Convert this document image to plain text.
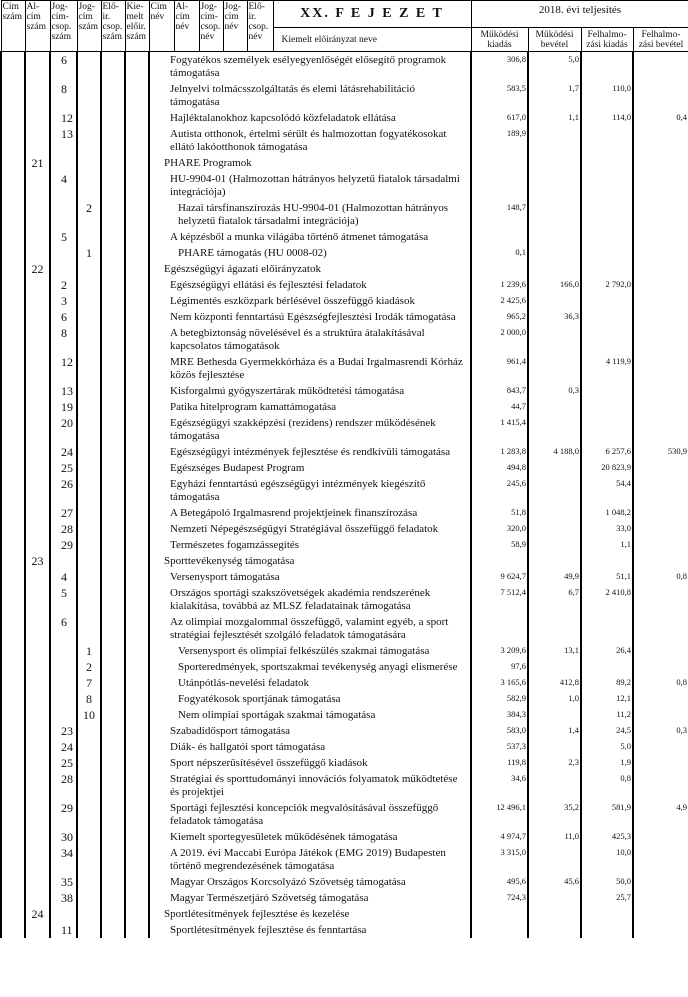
Cím szám	Al-cím szám	Jog-cím-csop. szám	Jog-cím szám	Elő-ir. csop. szám	Kie-melt előir. szám	Cím név	Al-cím név	Jog-cím-csop. név	Jog-cím név	Elő-ir. csop. név	XX. F E J E Z E T	2018. évi teljesítés			
											Kiemelt előirányzat neve	Működési kiadás	Működési bevétel	Felhalmo-zási kiadás	Felhalmo-zási bevétel
		6				Fogyatékos személyek esélyegyenlőségét elősegítő programok támogatása						306,8	5,0		
		8				Jelnyelvi tolmácsszolgáltatás és elemi látásrehabilitáció támogatása						583,5	1,7	110,0	
		12				Hajléktalanokhoz kapcsolódó közfeladatok ellátása						617,0	1,1	114,0	0,4
		13				Autista otthonok, értelmi sérült és halmozottan fogyatékosokat ellátó lakóotthonok támogatása						189,9			
	21					PHARE Programok									
		4				HU-9904-01 (Halmozottan hátrányos helyzetű fiatalok társadalmi integrációja)									
			2			Hazai társfinanszírozás HU-9904-01 (Halmozottan hátrányos helyzetű fiatalok társadalmi integrációja)						148,7			
		5				A képzésből a munka világába történő átmenet támogatása									
			1			PHARE támogatás (HU 0008-02)						0,1			
	22					Egészségügyi ágazati előirányzatok									
		2				Egészségügyi ellátási és fejlesztési feladatok						1 239,6	166,0	2 792,0	
		3				Légimentés eszközpark bérlésével összefüggő kiadások						2 425,6			
		6				Nem központi fenntartású Egészségfejlesztési Irodák támogatása						965,2	36,3		
		8				A betegbiztonság növelésével és a struktúra átalakításával kapcsolatos támogatások						2 000,0			
		12				MRE Bethesda Gyermekkórháza és a Budai Irgalmasrendi Kórház közös fejlesztése						961,4		4 119,9	
		13				Kisforgalmú gyógyszertárak működtetési támogatása						843,7	0,3		
		19				Patika hitelprogram kamattámogatása						44,7			
		20				Egészségügyi szakképzési (rezidens) rendszer működésének támogatása						1 415,4			
		24				Egészségügyi intézmények fejlesztése és rendkívüli támogatása						1 283,8	4 188,0	6 257,6	530,9
		25				Egészséges Budapest Program						494,8		20 823,9	
		26				Egyházi fenntartású egészségügyi intézmények kiegészítő támogatása						245,6		54,4	
		27				A Betegápoló Irgalmasrend projektjeinek finanszírozása						51,8		1 048,2	
		28				Nemzeti Népegészségügyi Stratégiával összefüggő feladatok						320,0		33,0	
		29				Természetes fogamzássegítés						58,9		1,1	
	23					Sporttevékenység támogatása									
		4				Versenysport támogatása						9 624,7	49,9	51,1	0,8
		5				Országos sportági szakszövetségek akadémia rendszerének kialakítása, továbbá az MLSZ feladatainak támogatása						7 512,4	6,7	2 410,8	
		6				Az olimpiai mozgalommal összefüggő, valamint egyéb, a sport stratégiai fejlesztését szolgáló feladatok támogatására									
			1			Versenysport és olimpiai felkészülés szakmai támogatása						3 209,6	13,1	26,4	
			2			Sporteredmények, sportszakmai tevékenység anyagi elismerése						97,6			
			7			Utánpótlás-nevelési feladatok						3 165,6	412,8	89,2	0,8
			8			Fogyatékosok sportjának támogatása						582,9	1,0	12,1	
			10			Nem olimpiai sportágak szakmai támogatása						384,3		11,2	
		23				Szabadidősport támogatása						583,0	1,4	24,5	0,3
		24				Diák- és hallgatói sport támogatása						537,3		5,0	
		25				Sport népszerűsítésével összefüggő kiadások						119,8	2,3	1,9	
		28				Stratégiai és sporttudományi innovációs folyamatok működtetése és projektjei						34,6		0,8	
		29				Sportági fejlesztési koncepciók megvalósításával összefüggő feladatok támogatása						12 496,1	35,2	581,9	4,9
		30				Kiemelt sportegyesületek működésének támogatása						4 974,7	11,0	425,3	
		34				A 2019. évi Maccabi Európa Játékok (EMG 2019) Budapesten történő megrendezésének támogatása						3 315,0		10,0	
		35				Magyar Országos Korcsolyázó Szövetség támogatása						495,6	45,6	50,0	
		38				Magyar Természetjáró Szövetség támogatása						724,3		25,7	
	24					Sportlétesítmények fejlesztése és kezelése									
		11				Sportlétesítmények fejlesztése és fenntartása									
